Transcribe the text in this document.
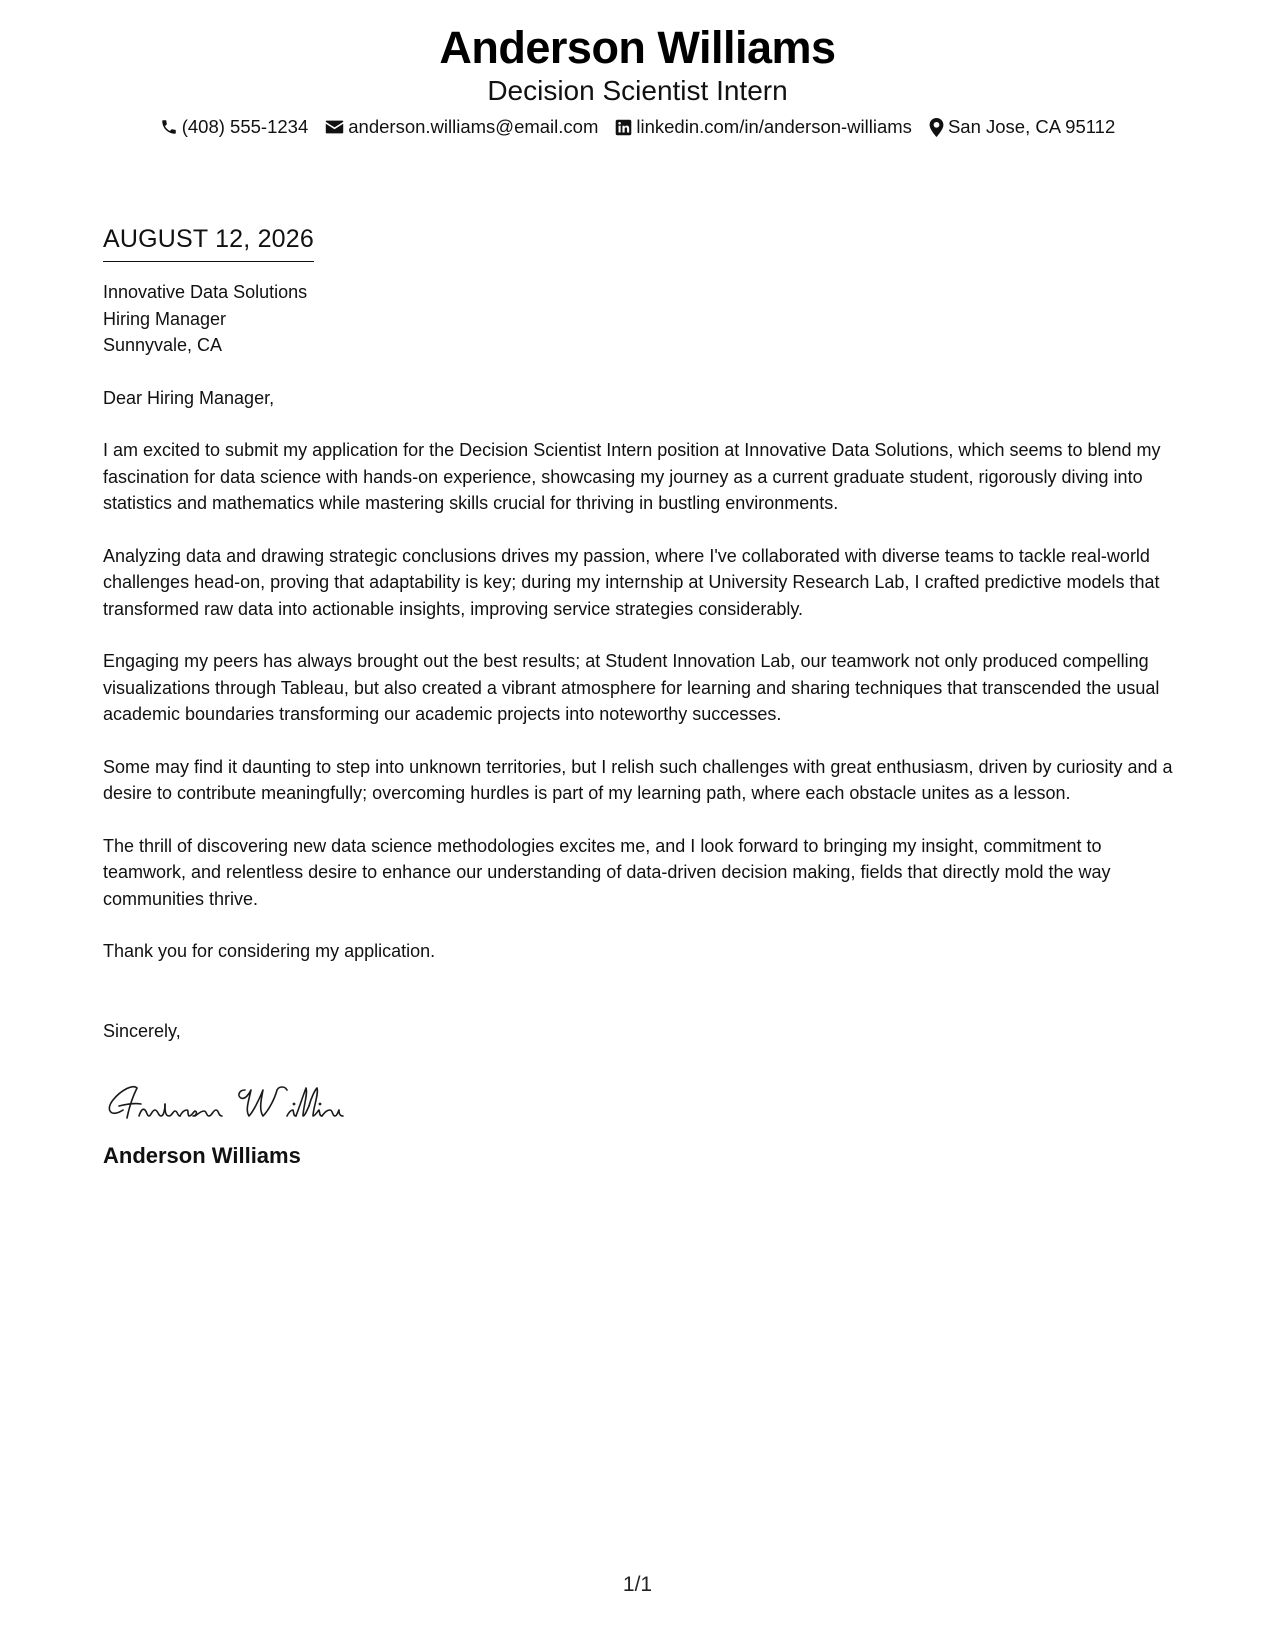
Anderson Williams
Decision Scientist Intern
(408) 555-1234 anderson.williams@email.com linkedin.com/in/anderson-williams San Jose, CA 95112
AUGUST 12, 2026
Innovative Data Solutions
Hiring Manager
Sunnyvale, CA
Dear Hiring Manager,
I am excited to submit my application for the Decision Scientist Intern position at Innovative Data Solutions, which seems to blend my fascination for data science with hands-on experience, showcasing my journey as a current graduate student, rigorously diving into statistics and mathematics while mastering skills crucial for thriving in bustling environments.
Analyzing data and drawing strategic conclusions drives my passion, where I've collaborated with diverse teams to tackle real-world challenges head-on, proving that adaptability is key; during my internship at University Research Lab, I crafted predictive models that transformed raw data into actionable insights, improving service strategies considerably.
Engaging my peers has always brought out the best results; at Student Innovation Lab, our teamwork not only produced compelling visualizations through Tableau, but also created a vibrant atmosphere for learning and sharing techniques that transcended the usual academic boundaries transforming our academic projects into noteworthy successes.
Some may find it daunting to step into unknown territories, but I relish such challenges with great enthusiasm, driven by curiosity and a desire to contribute meaningfully; overcoming hurdles is part of my learning path, where each obstacle unites as a lesson.
The thrill of discovering new data science methodologies excites me, and I look forward to bringing my insight, commitment to teamwork, and relentless desire to enhance our understanding of data-driven decision making, fields that directly mold the way communities thrive.
Thank you for considering my application.
Sincerely,
Anderson Williams
1/1
